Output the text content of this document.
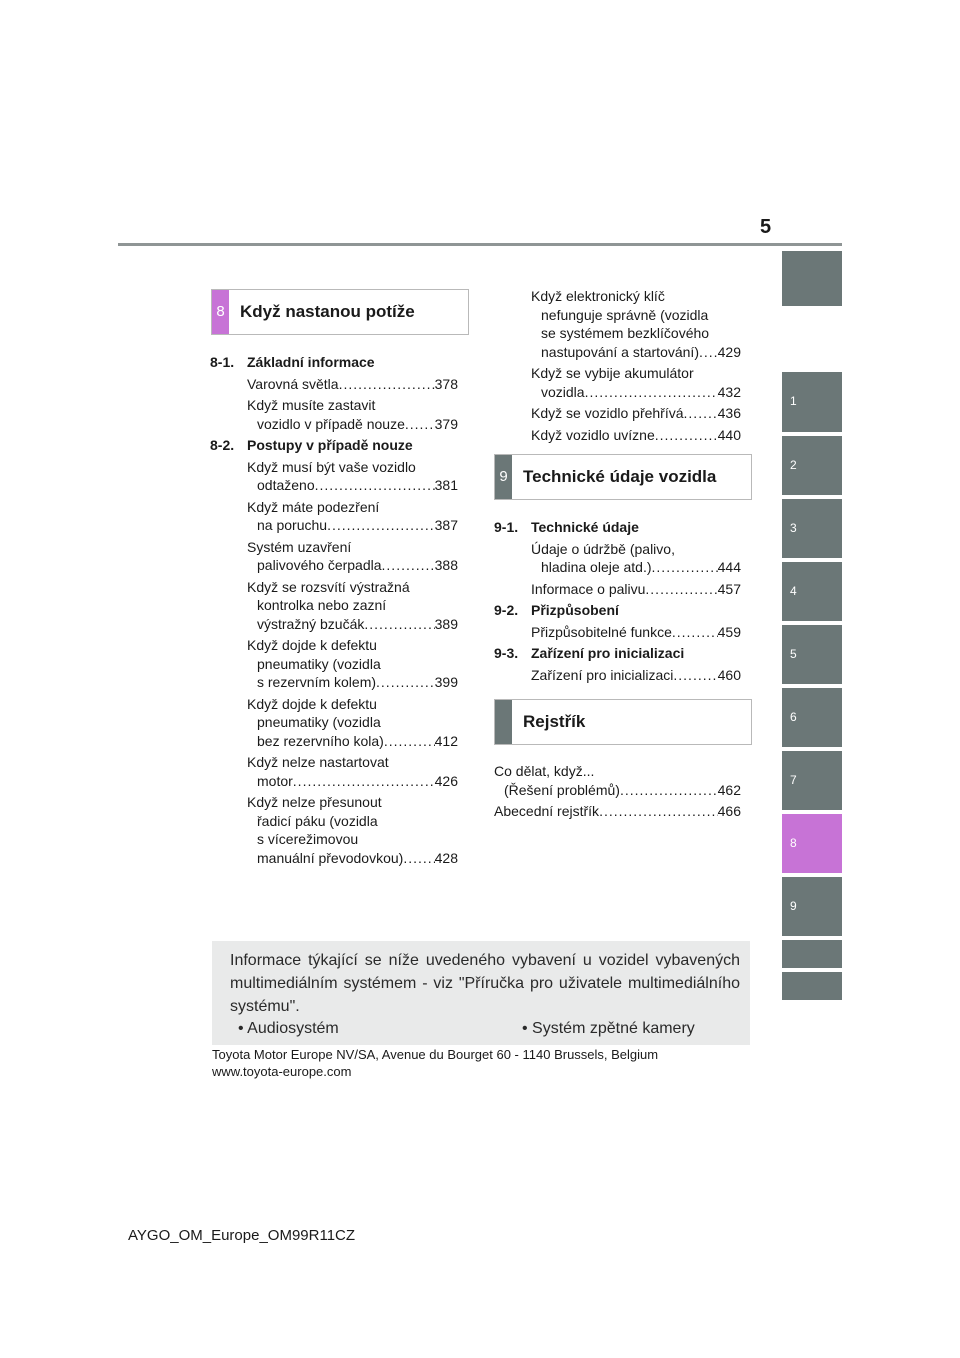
5
1
2
3
4
5
6
7
8
9
8 Když nastanou potíže
8-1. Základní informace
Varovná světla .....	378
Když musíte zastavit
vozidlo v případě nouze ..... 379
8-2. Postupy v případě nouze
Když musí být vaše vozidlo
odtaženo .....	381
Když máte podezření
na poruchu .....	387
Systém uzavření
palivového čerpadla .....	388
Když se rozsvítí výstražná
kontrolka nebo zazní
výstražný bzučák .....	389
Když dojde k defektu
pneumatiky (vozidla
s rezervním kolem) .....	399
Když dojde k defektu
pneumatiky (vozidla
bez rezervního kola) .....	412
Když nelze nastartovat
motor .....	426
Když nelze přesunout
řadicí páku (vozidla
s vícerežimovou
manuální převodovkou) ..... 428
Když elektronický klíč
nefunguje správně (vozidla
se systémem bezklíčového
nastupování a startování) ..... 429
Když se vybije akumulátor
vozidla .....	432
Když se vozidlo přehřívá ..... 436
Když vozidlo uvízne .....	440
9 Technické údaje vozidla
9-1. Technické údaje
Údaje o údržbě (palivo,
hladina oleje atd.) .....	444
Informace o palivu .....	457
9-2. Přizpůsobení
Přizpůsobitelné funkce .....	459
9-3. Zařízení pro inicializaci
Zařízení pro inicializaci .....	460
Rejstřík
Co dělat, když...
(Řešení problémů) .....	462
Abecední rejstřík .....	466
Informace týkající se níže uvedeného vybavení u vozidel vybavených multimediálním systémem - viz "Příručka pro uživatele multimediálního systému".
• Audiosystém	• Systém zpětné kamery
Toyota Motor Europe NV/SA, Avenue du Bourget 60 - 1140 Brussels, Belgium
www.toyota-europe.com
AYGO_OM_Europe_OM99R11CZ
